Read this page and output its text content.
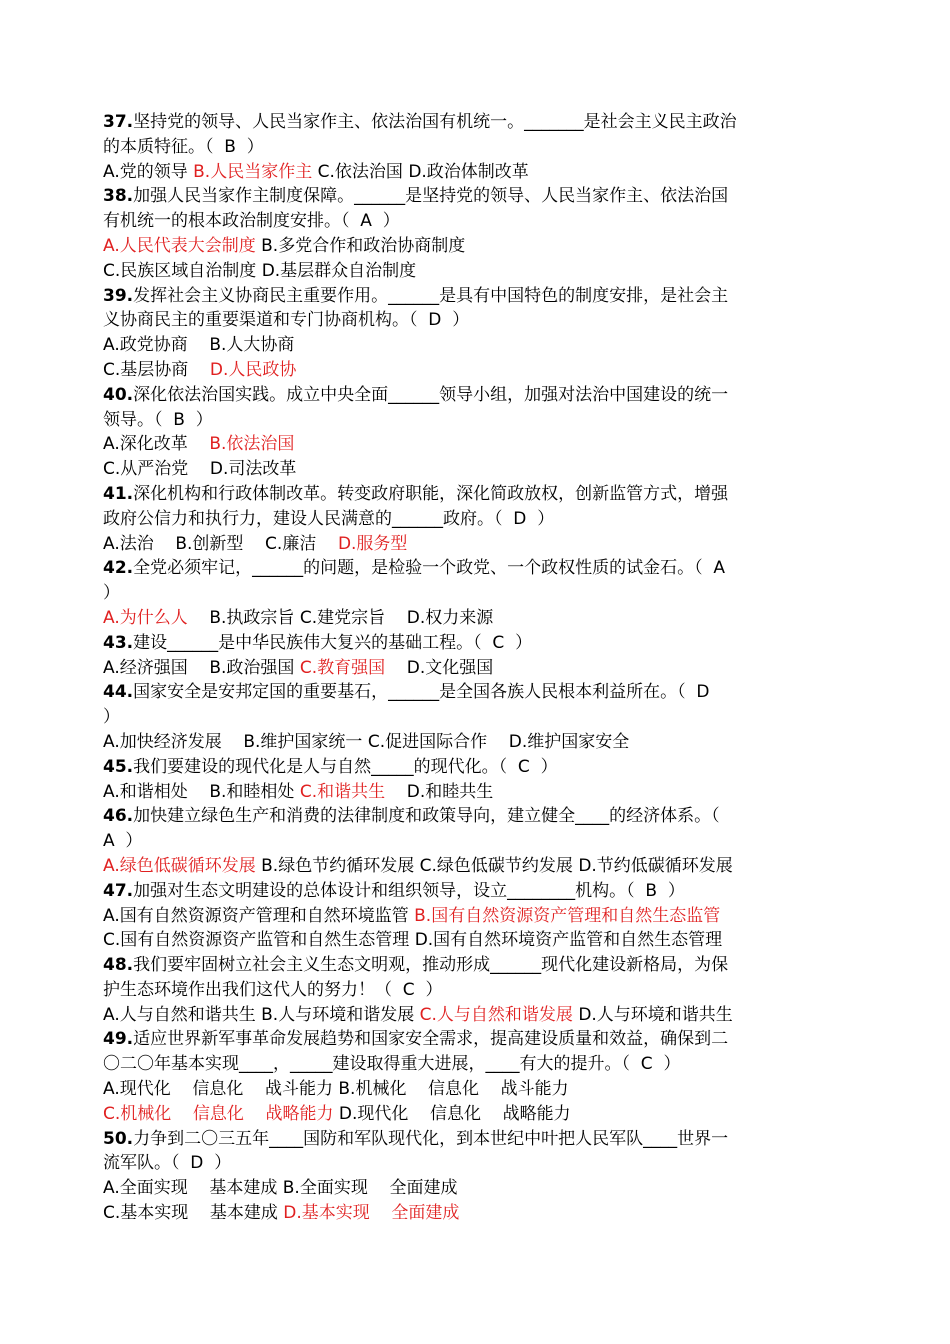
37.坚持党的领导、人民当家作主、依法治国有机统一。_______是社会主义民主政治
的本质特征。（  B  ）
A.党的领导 B.人民当家作主 C.依法治国 D.政治体制改革
38.加强人民当家作主制度保障。______是坚持党的领导、人民当家作主、依法治国
有机统一的根本政治制度安排。（  A  ）
A.人民代表大会制度 B.多党合作和政治协商制度
C.民族区域自治制度 D.基层群众自治制度
39.发挥社会主义协商民主重要作用。______是具有中国特色的制度安排，是社会主
义协商民主的重要渠道和专门协商机构。（  D  ）
A.政党协商    B.人大协商
C.基层协商    D.人民政协
40.深化依法治国实践。成立中央全面______领导小组，加强对法治中国建设的统一
领导。（  B  ）
A.深化改革    B.依法治国
C.从严治党    D.司法改革
41.深化机构和行政体制改革。转变政府职能，深化简政放权，创新监管方式，增强
政府公信力和执行力，建设人民满意的______政府。（  D  ）
A.法治    B.创新型    C.廉洁    D.服务型
42.全党必须牢记，______的问题，是检验一个政党、一个政权性质的试金石。（  A
）
A.为什么人    B.执政宗旨 C.建党宗旨    D.权力来源
43.建设______是中华民族伟大复兴的基础工程。（  C  ）
A.经济强国    B.政治强国 C.教育强国    D.文化强国
44.国家安全是安邦定国的重要基石，______是全国各族人民根本利益所在。（  D
）
A.加快经济发展    B.维护国家统一 C.促进国际合作    D.维护国家安全
45.我们要建设的现代化是人与自然_____的现代化。（  C  ）
A.和谐相处    B.和睦相处 C.和谐共生    D.和睦共生
46.加快建立绿色生产和消费的法律制度和政策导向，建立健全____的经济体系。（
A  ）
A.绿色低碳循环发展 B.绿色节约循环发展 C.绿色低碳节约发展 D.节约低碳循环发展
47.加强对生态文明建设的总体设计和组织领导，设立________机构。（  B  ）
A.国有自然资源资产管理和自然环境监管 B.国有自然资源资产管理和自然生态监管
C.国有自然资源资产监管和自然生态管理 D.国有自然环境资产监管和自然生态管理
48.我们要牢固树立社会主义生态文明观，推动形成______现代化建设新格局，为保
护生态环境作出我们这代人的努力！（  C  ）
A.人与自然和谐共生 B.人与环境和谐发展 C.人与自然和谐发展 D.人与环境和谐共生
49.适应世界新军事革命发展趋势和国家安全需求，提高建设质量和效益，确保到二
〇二〇年基本实现____，_____建设取得重大进展，____有大的提升。（  C  ）
A.现代化    信息化    战斗能力 B.机械化    信息化    战斗能力
C.机械化    信息化    战略能力 D.现代化    信息化    战略能力
50.力争到二〇三五年____国防和军队现代化，到本世纪中叶把人民军队____世界一
流军队。（  D  ）
A.全面实现    基本建成 B.全面实现    全面建成
C.基本实现    基本建成 D.基本实现    全面建成
